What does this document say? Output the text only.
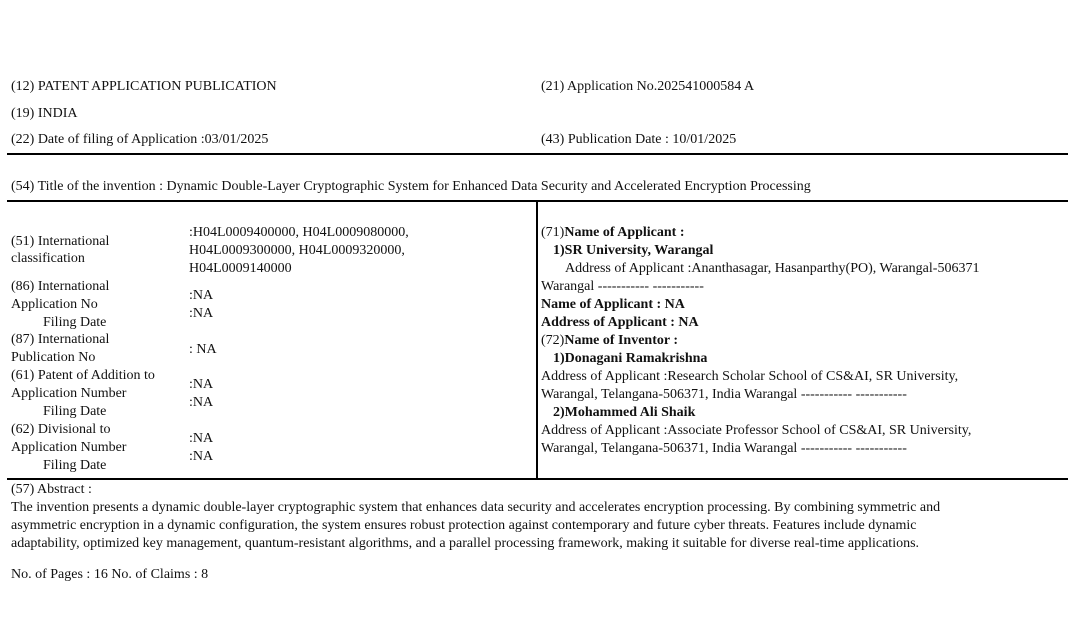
(12) PATENT APPLICATION PUBLICATION	(21) Application No.202541000584 A
(19) INDIA
(22) Date of filing of Application :03/01/2025	(43) Publication Date : 10/01/2025
(54) Title of the invention : Dynamic Double-Layer Cryptographic System for Enhanced Data Security and Accelerated Encryption Processing
(51) International
classification
:H04L0009400000, H04L0009080000,
H04L0009300000, H04L0009320000,
H04L0009140000
(86) International
Application No
Filing Date
:NA
:NA
(87) International
Publication No
: NA
(61) Patent of Addition to
Application Number
Filing Date
:NA
:NA
(62) Divisional to
Application Number
Filing Date
:NA
:NA
(71)Name of Applicant :
1)SR University, Warangal
Address of Applicant :Ananthasagar, Hasanparthy(PO), Warangal-506371
Warangal ----------- -----------
Name of Applicant : NA
Address of Applicant : NA
(72)Name of Inventor :
1)Donagani Ramakrishna
Address of Applicant :Research Scholar School of CS&AI, SR University,
Warangal, Telangana-506371, India Warangal ----------- -----------
2)Mohammed Ali Shaik
Address of Applicant :Associate Professor School of CS&AI, SR University,
Warangal, Telangana-506371, India Warangal ----------- -----------
(57) Abstract :
The invention presents a dynamic double-layer cryptographic system that enhances data security and accelerates encryption processing. By combining symmetric and
asymmetric encryption in a dynamic configuration, the system ensures robust protection against contemporary and future cyber threats. Features include dynamic
adaptability, optimized key management, quantum-resistant algorithms, and a parallel processing framework, making it suitable for diverse real-time applications.
No. of Pages : 16 No. of Claims : 8
